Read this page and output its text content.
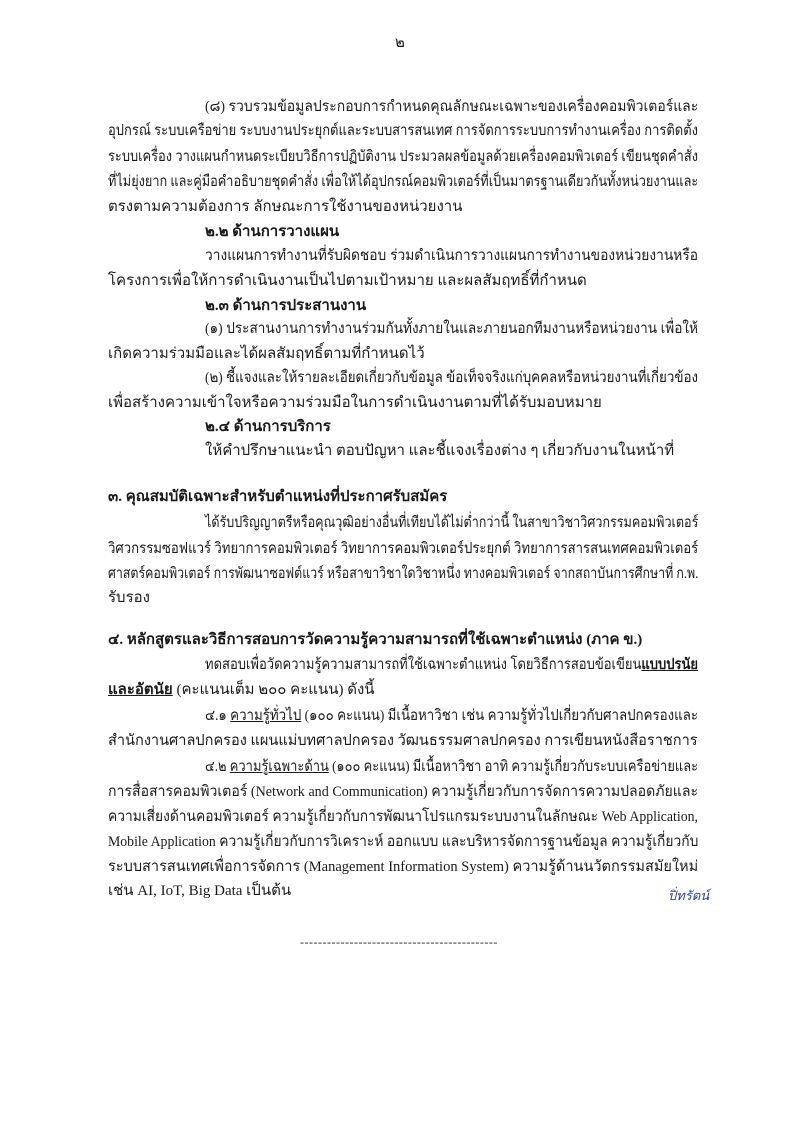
๒
(๘) รวบรวมข้อมูลประกอบการกำหนดคุณลักษณะเฉพาะของเครื่องคอมพิวเตอร์และ
อุปกรณ์ ระบบเครือข่าย ระบบงานประยุกต์และระบบสารสนเทศ การจัดการระบบการทำงานเครื่อง การติดตั้ง
ระบบเครื่อง วางแผนกำหนดระเบียบวิธีการปฏิบัติงาน ประมวลผลข้อมูลด้วยเครื่องคอมพิวเตอร์ เขียนชุดคำสั่ง
ที่ไม่ยุ่งยาก และคู่มือคำอธิบายชุดคำสั่ง เพื่อให้ได้อุปกรณ์คอมพิวเตอร์ที่เป็นมาตรฐานเดียวกันทั้งหน่วยงานและ
ตรงตามความต้องการ ลักษณะการใช้งานของหน่วยงาน
๒.๒ ด้านการวางแผน
วางแผนการทำงานที่รับผิดชอบ ร่วมดำเนินการวางแผนการทำงานของหน่วยงานหรือ
โครงการเพื่อให้การดำเนินงานเป็นไปตามเป้าหมาย และผลสัมฤทธิ์ที่กำหนด
๒.๓ ด้านการประสานงาน
(๑) ประสานงานการทำงานร่วมกันทั้งภายในและภายนอกทีมงานหรือหน่วยงาน เพื่อให้
เกิดความร่วมมือและได้ผลสัมฤทธิ์ตามที่กำหนดไว้
(๒) ชี้แจงและให้รายละเอียดเกี่ยวกับข้อมูล ข้อเท็จจริงแก่บุคคลหรือหน่วยงานที่เกี่ยวข้อง
เพื่อสร้างความเข้าใจหรือความร่วมมือในการดำเนินงานตามที่ได้รับมอบหมาย
๒.๔ ด้านการบริการ
ให้คำปรึกษาแนะนำ ตอบปัญหา และชี้แจงเรื่องต่าง ๆ เกี่ยวกับงานในหน้าที่
๓. คุณสมบัติเฉพาะสำหรับตำแหน่งที่ประกาศรับสมัคร
ได้รับปริญญาตรีหรือคุณวุฒิอย่างอื่นที่เทียบได้ไม่ต่ำกว่านี้ ในสาขาวิชาวิศวกรรมคอมพิวเตอร์
วิศวกรรมซอฟแวร์ วิทยาการคอมพิวเตอร์ วิทยาการคอมพิวเตอร์ประยุกต์ วิทยาการสารสนเทศคอมพิวเตอร์
ศาสตร์คอมพิวเตอร์ การพัฒนาซอฟต์แวร์ หรือสาขาวิชาใดวิชาหนึ่ง ทางคอมพิวเตอร์ จากสถาบันการศึกษาที่ ก.พ.
รับรอง
๔. หลักสูตรและวิธีการสอบการวัดความรู้ความสามารถที่ใช้เฉพาะตำแหน่ง (ภาค ข.)
ทดสอบเพื่อวัดความรู้ความสามารถที่ใช้เฉพาะตำแหน่ง โดยวิธีการสอบข้อเขียนแบบปรนัย
และอัตนัย (คะแนนเต็ม ๒๐๐ คะแนน) ดังนี้
๔.๑ ความรู้ทั่วไป (๑๐๐ คะแนน) มีเนื้อหาวิชา เช่น ความรู้ทั่วไปเกี่ยวกับศาลปกครองและ
สำนักงานศาลปกครอง แผนแม่บทศาลปกครอง วัฒนธรรมศาลปกครอง การเขียนหนังสือราชการ
๔.๒ ความรู้เฉพาะด้าน (๑๐๐ คะแนน) มีเนื้อหาวิชา อาทิ ความรู้เกี่ยวกับระบบเครือข่ายและ
การสื่อสารคอมพิวเตอร์ (Network and Communication) ความรู้เกี่ยวกับการจัดการความปลอดภัยและ
ความเสี่ยงด้านคอมพิวเตอร์ ความรู้เกี่ยวกับการพัฒนาโปรแกรมระบบงานในลักษณะ Web Application,
Mobile Application ความรู้เกี่ยวกับการวิเคราะห์ ออกแบบ และบริหารจัดการฐานข้อมูล ความรู้เกี่ยวกับ
ระบบสารสนเทศเพื่อการจัดการ (Management Information System) ความรู้ด้านนวัตกรรมสมัยใหม่
เช่น AI, IoT, Big Data เป็นต้น	ปิ่ทรัตน์
--------------------------------------------
